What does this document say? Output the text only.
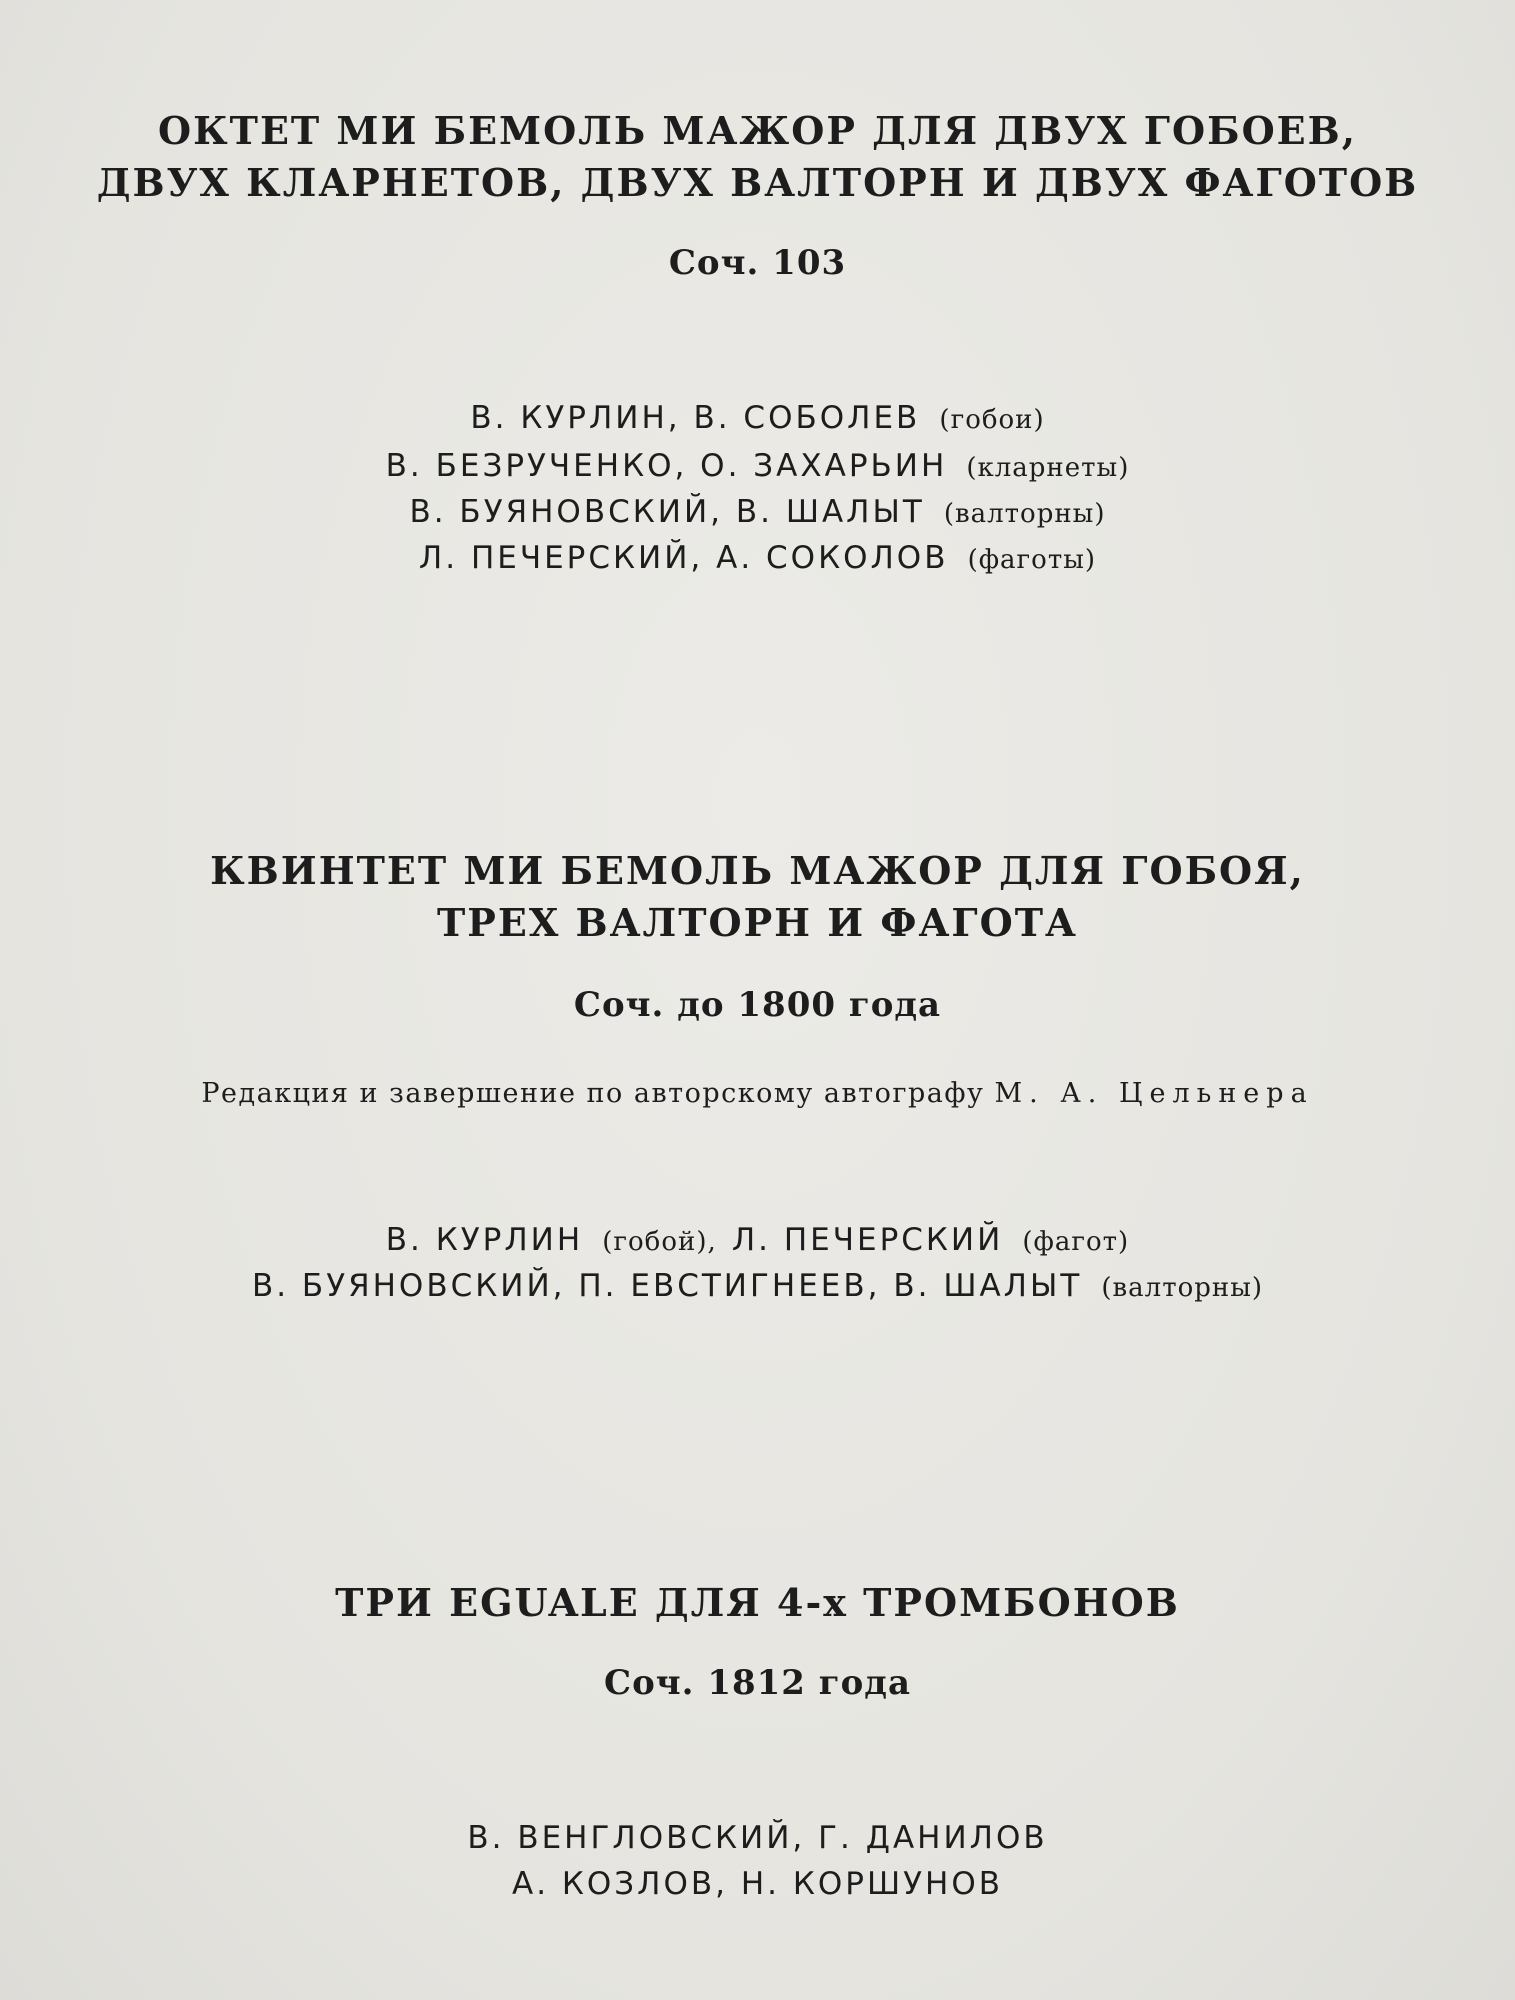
ОКТЕТ МИ БЕМОЛЬ МАЖОР ДЛЯ ДВУХ ГОБОЕВ,
ДВУХ КЛАРНЕТОВ, ДВУХ ВАЛТОРН И ДВУХ ФАГОТОВ
Соч. 103
В. КУРЛИН, В. СОБОЛЕВ (гобои)
В. БЕЗРУЧЕНКО, О. ЗАХАРЬИН (кларнеты)
В. БУЯНОВСКИЙ, В. ШАЛЫТ (валторны)
Л. ПЕЧЕРСКИЙ, А. СОКОЛОВ (фаготы)
КВИНТЕТ МИ БЕМОЛЬ МАЖОР ДЛЯ ГОБОЯ,
ТРЕХ ВАЛТОРН И ФАГОТА
Соч. до 1800 года
Редакция и завершение по авторскому автографу М. А. Цельнера
В. КУРЛИН (гобой), Л. ПЕЧЕРСКИЙ (фагот)
В. БУЯНОВСКИЙ, П. ЕВСТИГНЕЕВ, В. ШАЛЫТ (валторны)
ТРИ EGUALE ДЛЯ 4-х ТРОМБОНОВ
Соч. 1812 года
В. ВЕНГЛОВСКИЙ, Г. ДАНИЛОВ
А. КОЗЛОВ, Н. КОРШУНОВ
